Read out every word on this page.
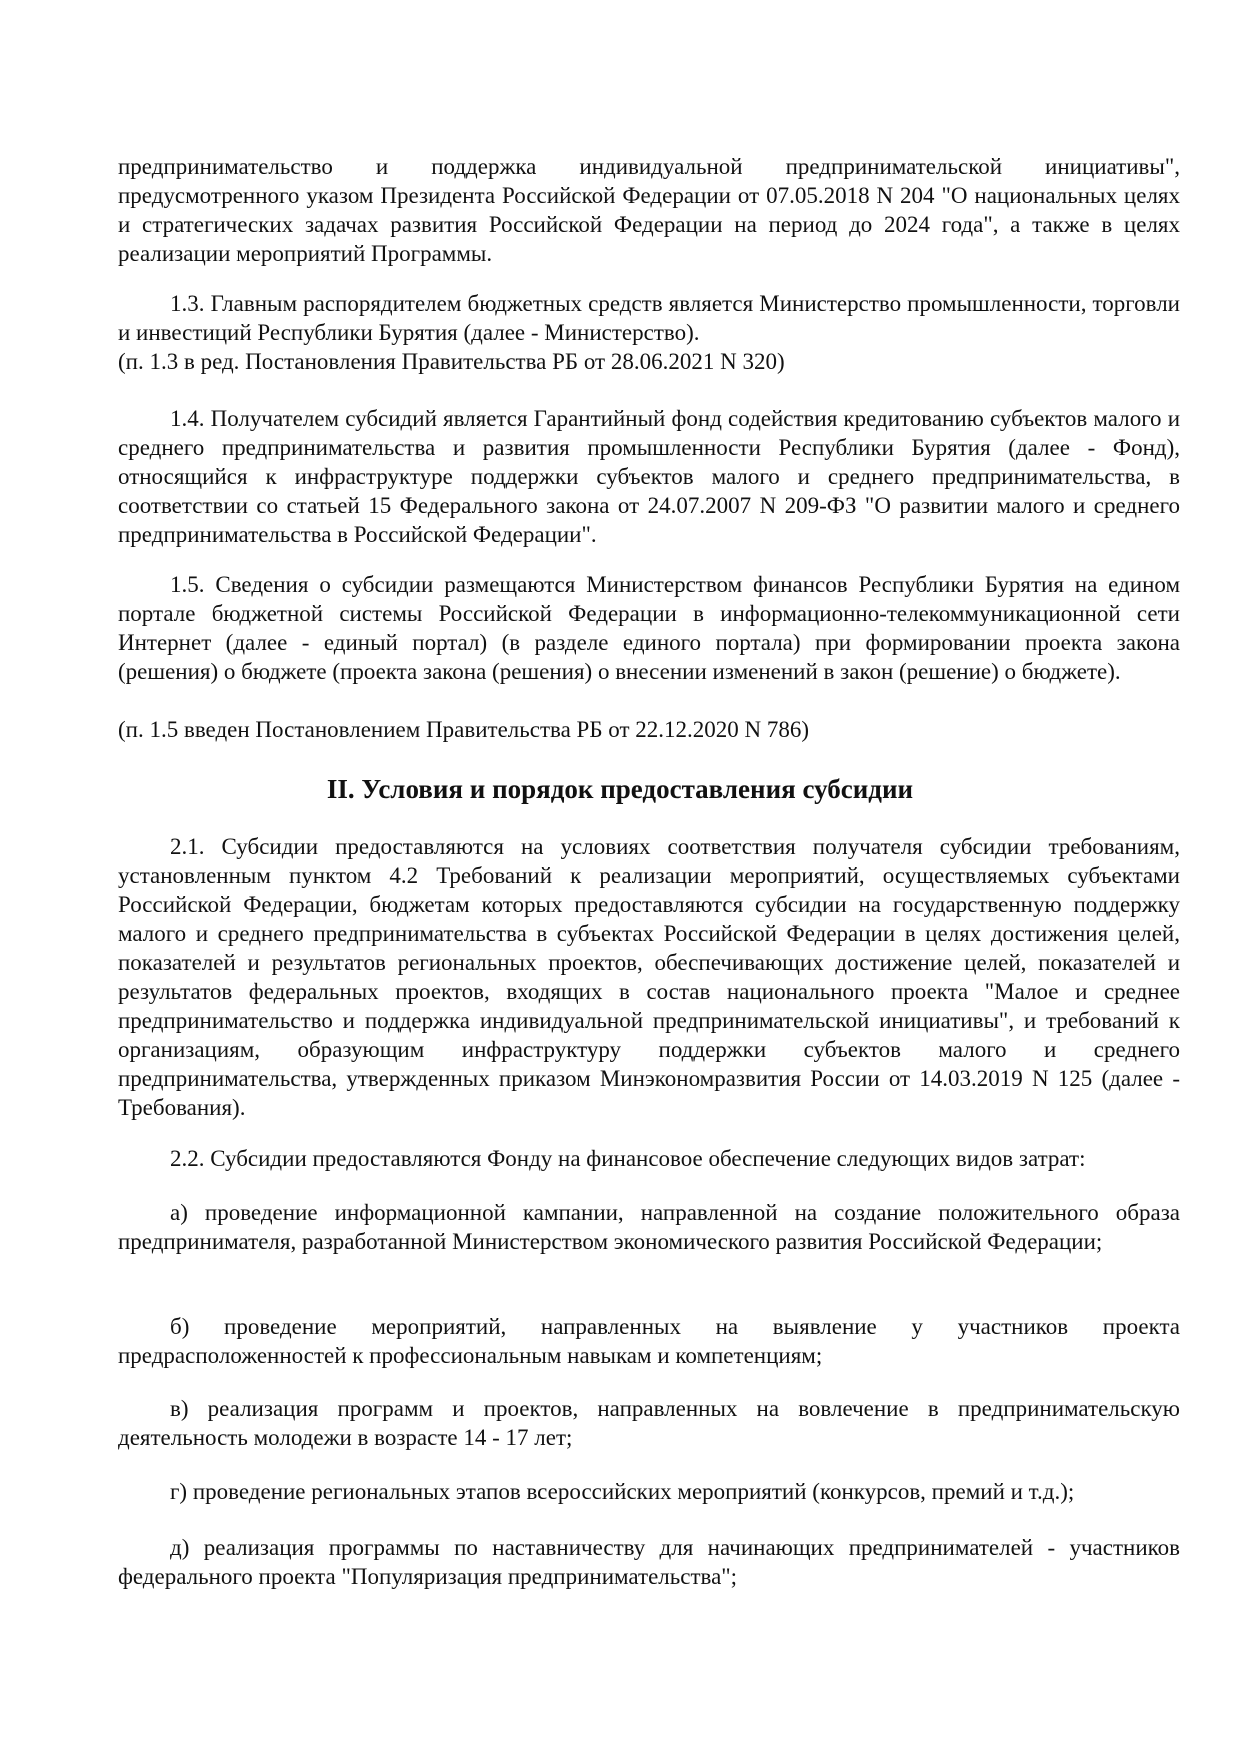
предпринимательство и поддержка индивидуальной предпринимательской инициативы", предусмотренного указом Президента Российской Федерации от 07.05.2018 N 204 "О национальных целях и стратегических задачах развития Российской Федерации на период до 2024 года", а также в целях реализации мероприятий Программы.

1.3. Главным распорядителем бюджетных средств является Министерство промышленности, торговли и инвестиций Республики Бурятия (далее - Министерство).

(п. 1.3 в ред. Постановления Правительства РБ от 28.06.2021 N 320)

1.4. Получателем субсидий является Гарантийный фонд содействия кредитованию субъектов малого и среднего предпринимательства и развития промышленности Республики Бурятия (далее - Фонд), относящийся к инфраструктуре поддержки субъектов малого и среднего предпринимательства, в соответствии со статьей 15 Федерального закона от 24.07.2007 N 209-ФЗ "О развитии малого и среднего предпринимательства в Российской Федерации".

1.5. Сведения о субсидии размещаются Министерством финансов Республики Бурятия на едином портале бюджетной системы Российской Федерации в информационно-телекоммуникационной сети Интернет (далее - единый портал) (в разделе единого портала) при формировании проекта закона (решения) о бюджете (проекта закона (решения) о внесении изменений в закон (решение) о бюджете).

(п. 1.5 введен Постановлением Правительства РБ от 22.12.2020 N 786)

II. Условия и порядок предоставления субсидии

2.1. Субсидии предоставляются на условиях соответствия получателя субсидии требованиям, установленным пунктом 4.2 Требований к реализации мероприятий, осуществляемых субъектами Российской Федерации, бюджетам которых предоставляются субсидии на государственную поддержку малого и среднего предпринимательства в субъектах Российской Федерации в целях достижения целей, показателей и результатов региональных проектов, обеспечивающих достижение целей, показателей и результатов федеральных проектов, входящих в состав национального проекта "Малое и среднее предпринимательство и поддержка индивидуальной предпринимательской инициативы", и требований к организациям, образующим инфраструктуру поддержки субъектов малого и среднего предпринимательства, утвержденных приказом Минэкономразвития России от 14.03.2019 N 125 (далее - Требования).

2.2. Субсидии предоставляются Фонду на финансовое обеспечение следующих видов затрат:

а) проведение информационной кампании, направленной на создание положительного образа предпринимателя, разработанной Министерством экономического развития Российской Федерации;

б) проведение мероприятий, направленных на выявление у участников проекта предрасположенностей к профессиональным навыкам и компетенциям;

в) реализация программ и проектов, направленных на вовлечение в предпринимательскую деятельность молодежи в возрасте 14 - 17 лет;

г) проведение региональных этапов всероссийских мероприятий (конкурсов, премий и т.д.);

д) реализация программы по наставничеству для начинающих предпринимателей - участников федерального проекта "Популяризация предпринимательства";
